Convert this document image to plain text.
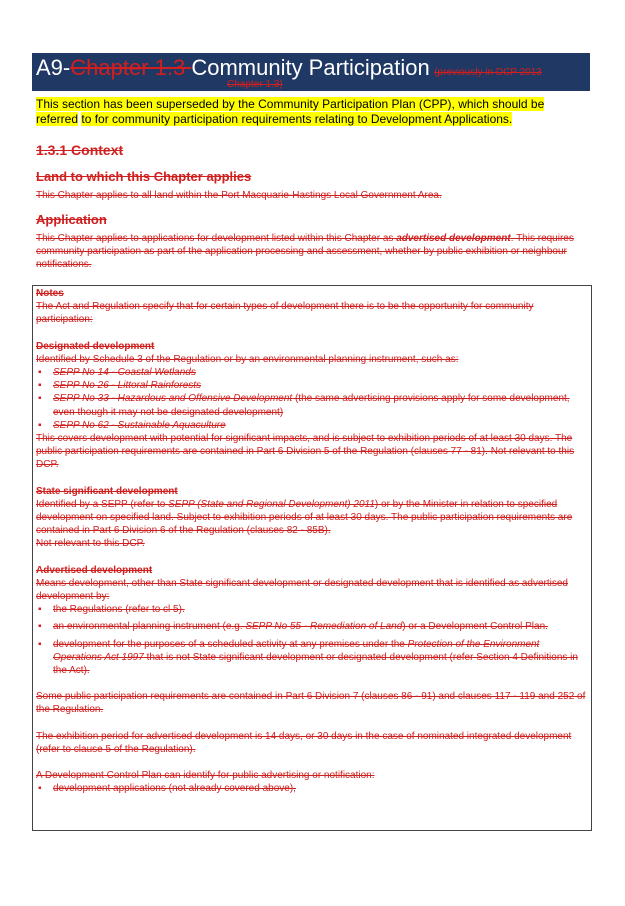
A9-Chapter 1.3 Community Participation (previously in DCP 2013
Chapter 1.3)
This section has been superseded by the Community Participation Plan (CPP), which should be referred to for community participation requirements relating to Development Applications.
1.3.1 Context
Land to which this Chapter applies
This Chapter applies to all land within the Port Macquarie-Hastings Local Government Area.
Application
This Chapter applies to applications for development listed within this Chapter as advertised development. This requires community participation as part of the application processing and assessment, whether by public exhibition or neighbour notifications.

Notes

The Act and Regulation specify that for certain types of development there is to be the opportunity for community participation:

Designated development

Identified by Schedule 3 of the Regulation or by an environmental planning instrument, such as:

▪ SEPP No 14 - Coastal Wetlands
▪ SEPP No 26 - Littoral Rainforests
▪ SEPP No 33 - Hazardous and Offensive Development (the same advertising provisions apply for some development, even though it may not be designated development)
▪ SEPP No 62 - Sustainable Aquaculture

This covers development with potential for significant impacts, and is subject to exhibition periods of at least 30 days. The public participation requirements are contained in Part 6 Division 5 of the Regulation (clauses 77 - 81). Not relevant to this DCP.

State significant development

Identified by a SEPP (refer to SEPP (State and Regional Development) 2011) or by the Minister in relation to specified development on specified land. Subject to exhibition periods of at least 30 days. The public participation requirements are contained in Part 6 Division 6 of the Regulation (clauses 82 - 85B).

Not relevant to this DCP.

Advertised development

Means development, other than State significant development or designated development that is identified as advertised development by:

▪ the Regulations (refer to cl 5).
▪ an environmental planning instrument (e.g. SEPP No 55 - Remediation of Land) or a Development Control Plan.
▪ development for the purposes of a scheduled activity at any premises under the Protection of the Environment Operations Act 1997 that is not State significant development or designated development (refer Section 4 Definitions in the Act).

Some public participation requirements are contained in Part 6 Division 7 (clauses 86 - 91) and clauses 117 - 119 and 252 of the Regulation.

The exhibition period for advertised development is 14 days, or 30 days in the case of nominated integrated development (refer to clause 5 of the Regulation).

A Development Control Plan can identify for public advertising or notification:

▪ development applications (not already covered above),
